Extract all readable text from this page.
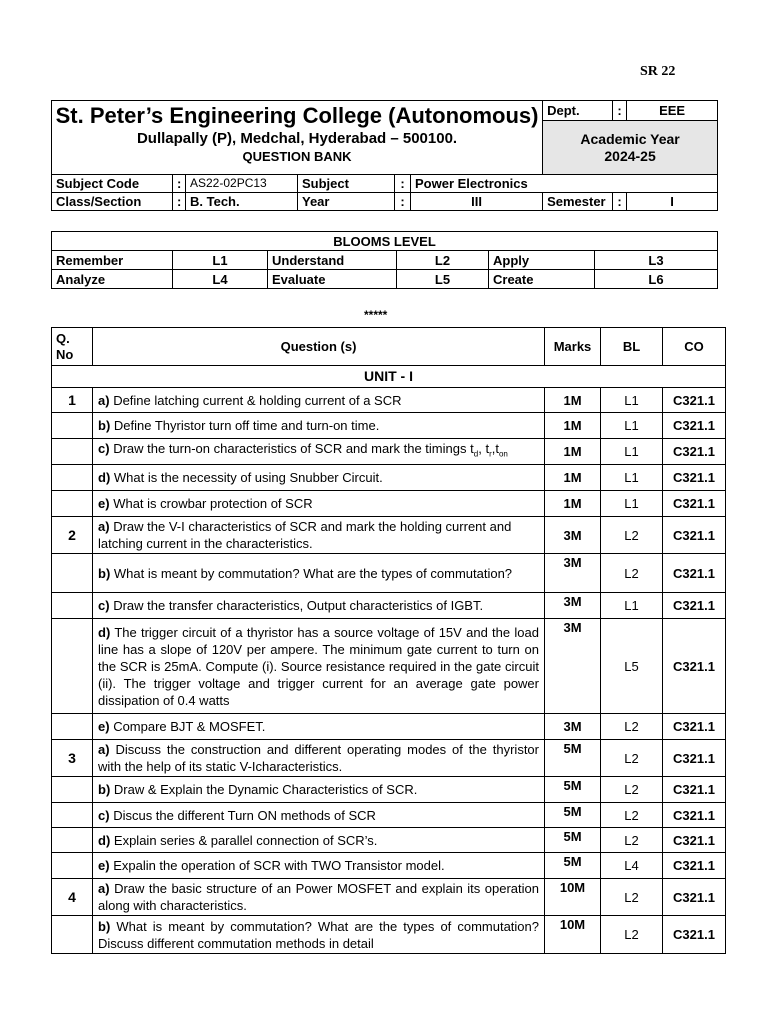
SR 22
St. Peter’s Engineering College (Autonomous)
Dullapally (P), Medchal, Hyderabad – 500100.
QUESTION BANK						Dept.	:	EEE

						Academic Year
2024-25		

Subject Code	:	AS22-02PC13	Subject	:	Power Electronics			
Class/Section	:	B. Tech.	Year	:	III	Semester	:	I
BLOOMS LEVEL					
Remember	L1	Understand	L2	Apply	L3
Analyze	L4	Evaluate	L5	Create	L6
*****
Q. No	Question (s)	Marks	BL	CO
UNIT - I				
1	a) Define latching current & holding current of a SCR	1M	L1	C321.1
	b) Define Thyristor turn off time and turn-on time.	1M	L1	C321.1
	c) Draw the turn-on characteristics of SCR and mark the timings $t_d$, $t_r,t_{on}$	1M	L1	C321.1
	d) What is the necessity of using Snubber Circuit.	1M	L1	C321.1
	e) What is crowbar protection of SCR	1M	L1	C321.1
2	a) Draw the V-I characteristics of SCR and mark the holding current and latching current in the characteristics.	3M	L2	C321.1
	b) What is meant by commutation? What are the types of commutation?	3M	L2	C321.1
	c) Draw the transfer characteristics, Output characteristics of IGBT.	3M	L1	C321.1
	d) The trigger circuit of a thyristor has a source voltage of 15V and the load line has a slope of 120V per ampere. The minimum gate current to turn on the SCR is 25mA. Compute (i). Source resistance required in the gate circuit (ii). The trigger voltage and trigger current for an average gate power dissipation of 0.4 watts	3M	L5	C321.1
	e) Compare BJT & MOSFET.	3M	L2	C321.1
3	a) Discuss the construction and different operating modes of the thyristor with the help of its static V-Icharacteristics.	5M	L2	C321.1
	b) Draw & Explain the Dynamic Characteristics of SCR.	5M	L2	C321.1
	c) Discus the different Turn ON methods of SCR	5M	L2	C321.1
	d) Explain series & parallel connection of SCR’s.	5M	L2	C321.1
	e) Expalin the operation of SCR with TWO Transistor model.	5M	L4	C321.1
4	a) Draw the basic structure of an Power MOSFET and explain its operation along with characteristics.	10M	L2	C321.1
	b) What is meant by commutation? What are the types of commutation? Discuss different commutation methods in detail	10M	L2	C321.1
